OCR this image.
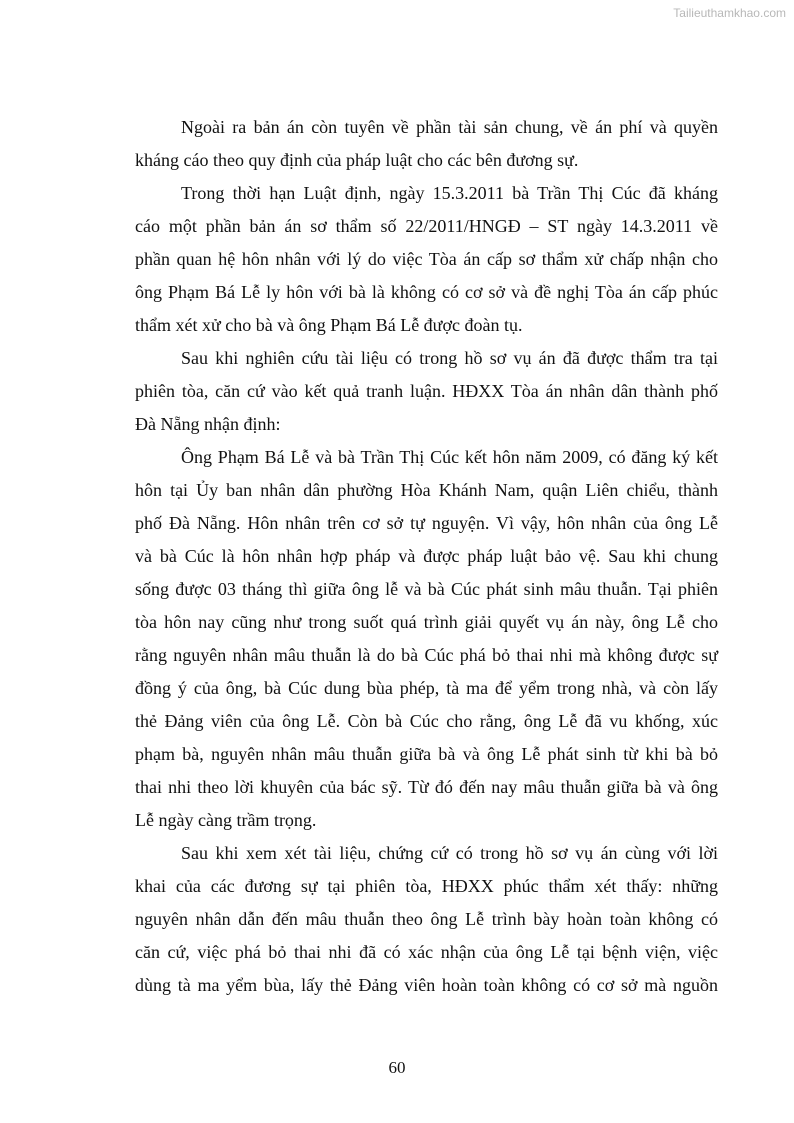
Tailieuthamkhao.com
Ngoài ra bản án còn tuyên về phần tài sản chung, về án phí và quyền
kháng cáo theo quy định của pháp luật cho các bên đương sự.
Trong thời hạn Luật định, ngày 15.3.2011 bà Trần Thị Cúc đã kháng
cáo một phần bản án sơ thẩm số 22/2011/HNGĐ – ST ngày 14.3.2011 về
phần quan hệ hôn nhân với lý do việc Tòa án cấp sơ thẩm xử chấp nhận cho
ông Phạm Bá Lễ ly hôn với bà là không có cơ sở và đề nghị Tòa án cấp phúc
thẩm xét xử cho bà và ông Phạm Bá Lễ được đoàn tụ.
Sau khi nghiên cứu tài liệu có trong hồ sơ vụ án đã được thẩm tra tại
phiên tòa, căn cứ vào kết quả tranh luận. HĐXX Tòa án nhân dân thành phố
Đà Nẵng nhận định:
Ông Phạm Bá Lễ và bà Trần Thị Cúc kết hôn năm 2009, có đăng ký kết
hôn tại Ủy ban nhân dân phường Hòa Khánh Nam, quận Liên chiểu, thành
phố Đà Nẵng. Hôn nhân trên cơ sở tự nguyện. Vì vậy, hôn nhân của ông Lễ
và bà Cúc là hôn nhân hợp pháp và được pháp luật bảo vệ. Sau khi chung
sống được 03 tháng thì giữa ông lễ và bà Cúc phát sinh mâu thuẫn. Tại phiên
tòa hôn nay cũng như trong suốt quá trình giải quyết vụ án này, ông Lễ cho
rằng nguyên nhân mâu thuẫn là do bà Cúc phá bỏ thai nhi mà không được sự
đồng ý của ông, bà Cúc dung bùa phép, tà ma để yểm trong nhà, và còn lấy
thẻ Đảng viên của ông Lễ. Còn bà Cúc cho rằng, ông Lễ đã vu khống, xúc
phạm bà, nguyên nhân mâu thuẫn giữa bà và ông Lễ phát sinh từ khi bà bỏ
thai nhi theo lời khuyên của bác sỹ. Từ đó đến nay mâu thuẫn giữa bà và ông
Lễ ngày càng trầm trọng.
Sau khi xem xét tài liệu, chứng cứ có trong hồ sơ vụ án cùng với lời
khai của các đương sự tại phiên tòa, HĐXX phúc thẩm xét thấy: những
nguyên nhân dẫn đến mâu thuẫn theo ông Lễ trình bày hoàn toàn không có
căn cứ, việc phá bỏ thai nhi đã có xác nhận của ông Lễ tại bệnh viện, việc
dùng tà ma yểm bùa, lấy thẻ Đảng viên hoàn toàn không có cơ sở mà nguồn
60
